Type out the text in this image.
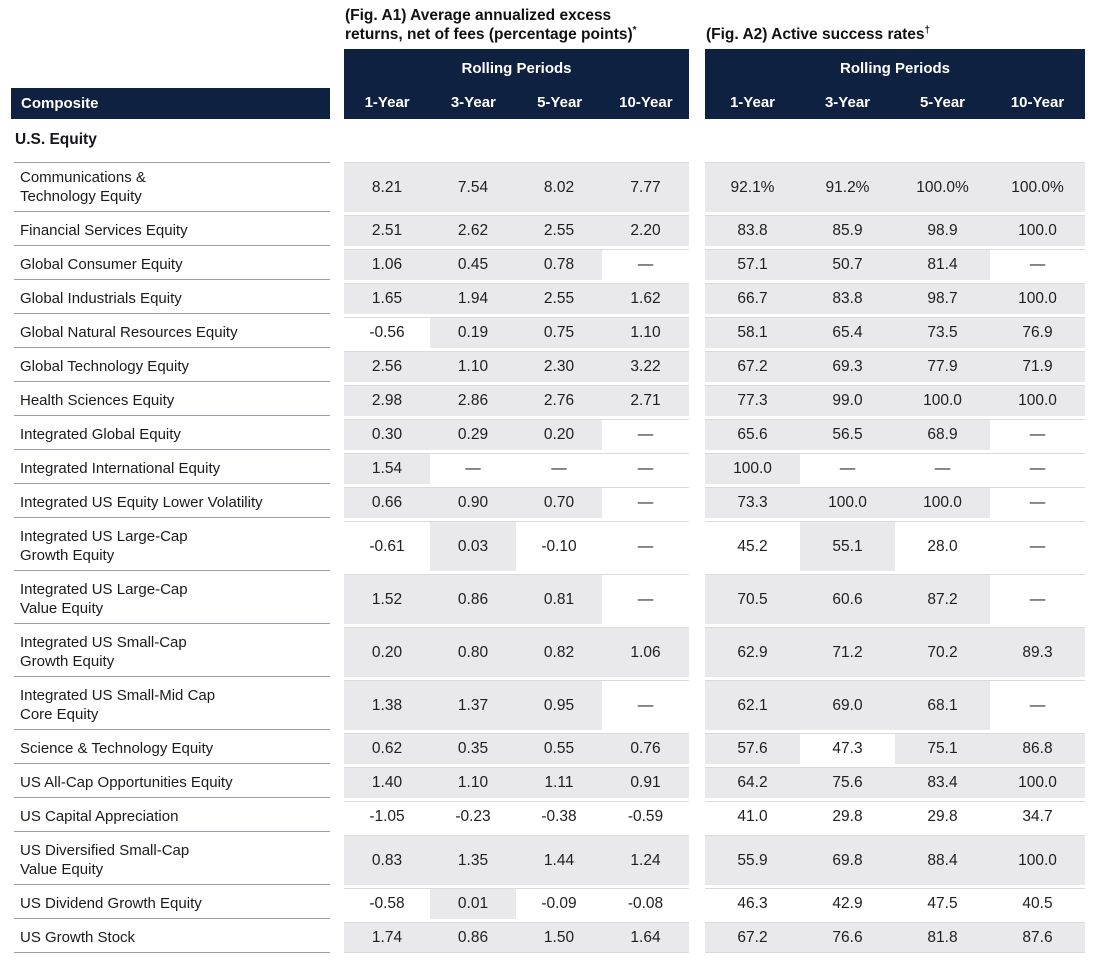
(Fig. A1) Average annualized excess
returns, net of fees (percentage points)*	(Fig. A2) Active success rates†
Rolling Periods
1-Year	3-Year	5-Year	10-Year
Rolling Periods
1-Year	3-Year	5-Year	10-Year
Composite
U.S. Equity
Communications &
Technology Equity
8.21	7.54	8.02	7.77	92.1%	91.2%	100.0%	100.0%
Financial Services Equity	2.51	2.62	2.55	2.20	83.8	85.9	98.9	100.0
Global Consumer Equity	1.06	0.45	0.78	—	57.1	50.7	81.4	—
Global Industrials Equity	1.65	1.94	2.55	1.62	66.7	83.8	98.7	100.0
Global Natural Resources Equity	-0.56	0.19	0.75	1.10	58.1	65.4	73.5	76.9
Global Technology Equity	2.56	1.10	2.30	3.22	67.2	69.3	77.9	71.9
Health Sciences Equity	2.98	2.86	2.76	2.71	77.3	99.0	100.0	100.0
Integrated Global Equity	0.30	0.29	0.20	—	65.6	56.5	68.9	—
Integrated International Equity	1.54	—	—	—	100.0	—	—	—
Integrated US Equity Lower Volatility	0.66	0.90	0.70	—	73.3	100.0	100.0	—
Integrated US Large-Cap
Growth Equity
-0.61	0.03	-0.10	—	45.2	55.1	28.0	—
Integrated US Large-Cap
Value Equity
1.52	0.86	0.81	—	70.5	60.6	87.2	—
Integrated US Small-Cap
Growth Equity
0.20	0.80	0.82	1.06	62.9	71.2	70.2	89.3
Integrated US Small-Mid Cap
Core Equity
1.38	1.37	0.95	—	62.1	69.0	68.1	—
Science & Technology Equity	0.62	0.35	0.55	0.76	57.6	47.3	75.1	86.8
US All-Cap Opportunities Equity	1.40	1.10	1.11	0.91	64.2	75.6	83.4	100.0
US Capital Appreciation	-1.05	-0.23	-0.38	-0.59	41.0	29.8	29.8	34.7
US Diversified Small-Cap
Value Equity
0.83	1.35	1.44	1.24	55.9	69.8	88.4	100.0
US Dividend Growth Equity	-0.58	0.01	-0.09	-0.08	46.3	42.9	47.5	40.5
US Growth Stock	1.74	0.86	1.50	1.64	67.2	76.6	81.8	87.6
